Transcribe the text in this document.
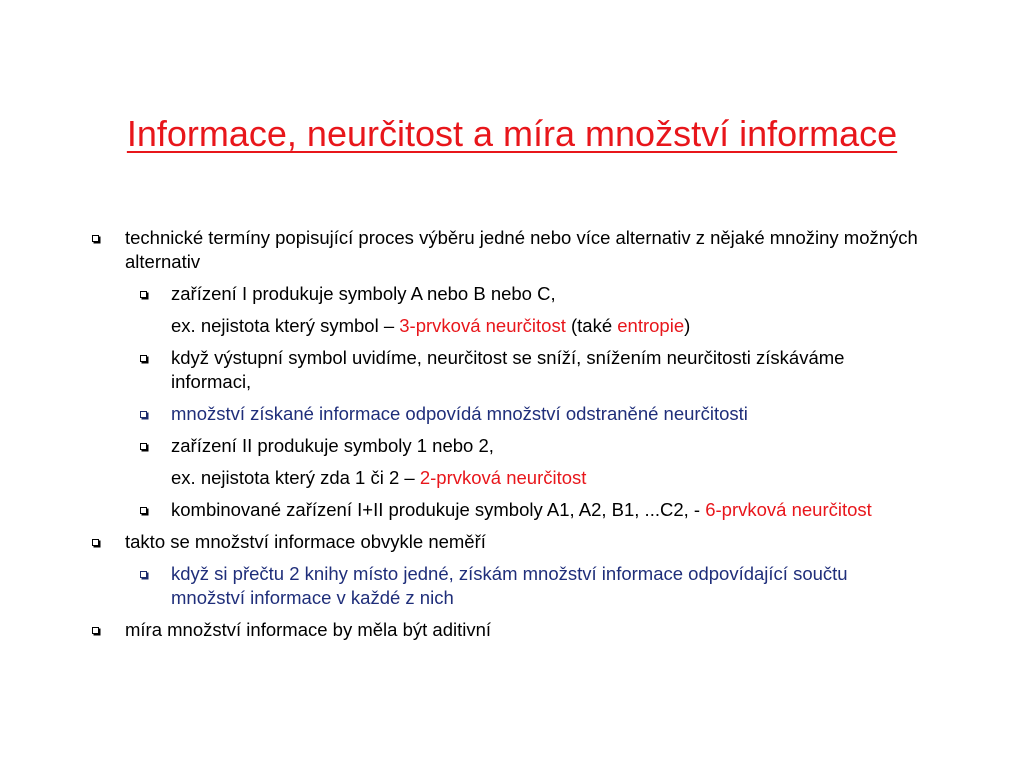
Informace, neurčitost a míra množství informace
technické termíny popisující proces výběru jedné nebo více alternativ z nějaké množiny možných alternativ
zařízení I produkuje symboly A nebo B nebo C,
ex. nejistota který symbol – 3-prvková neurčitost (také entropie)
když výstupní symbol uvidíme, neurčitost se sníží, snížením neurčitosti získáváme informaci,
množství získané informace odpovídá množství odstraněné neurčitosti
zařízení II produkuje symboly 1 nebo 2,
ex. nejistota který zda 1 či 2 – 2-prvková neurčitost
kombinované zařízení I+II produkuje symboly A1, A2, B1, ...C2, - 6-prvková neurčitost
takto se množství informace obvykle neměří
když si přečtu 2 knihy místo jedné, získám množství informace odpovídající součtu množství informace v každé z nich
míra množství informace by měla být aditivní
